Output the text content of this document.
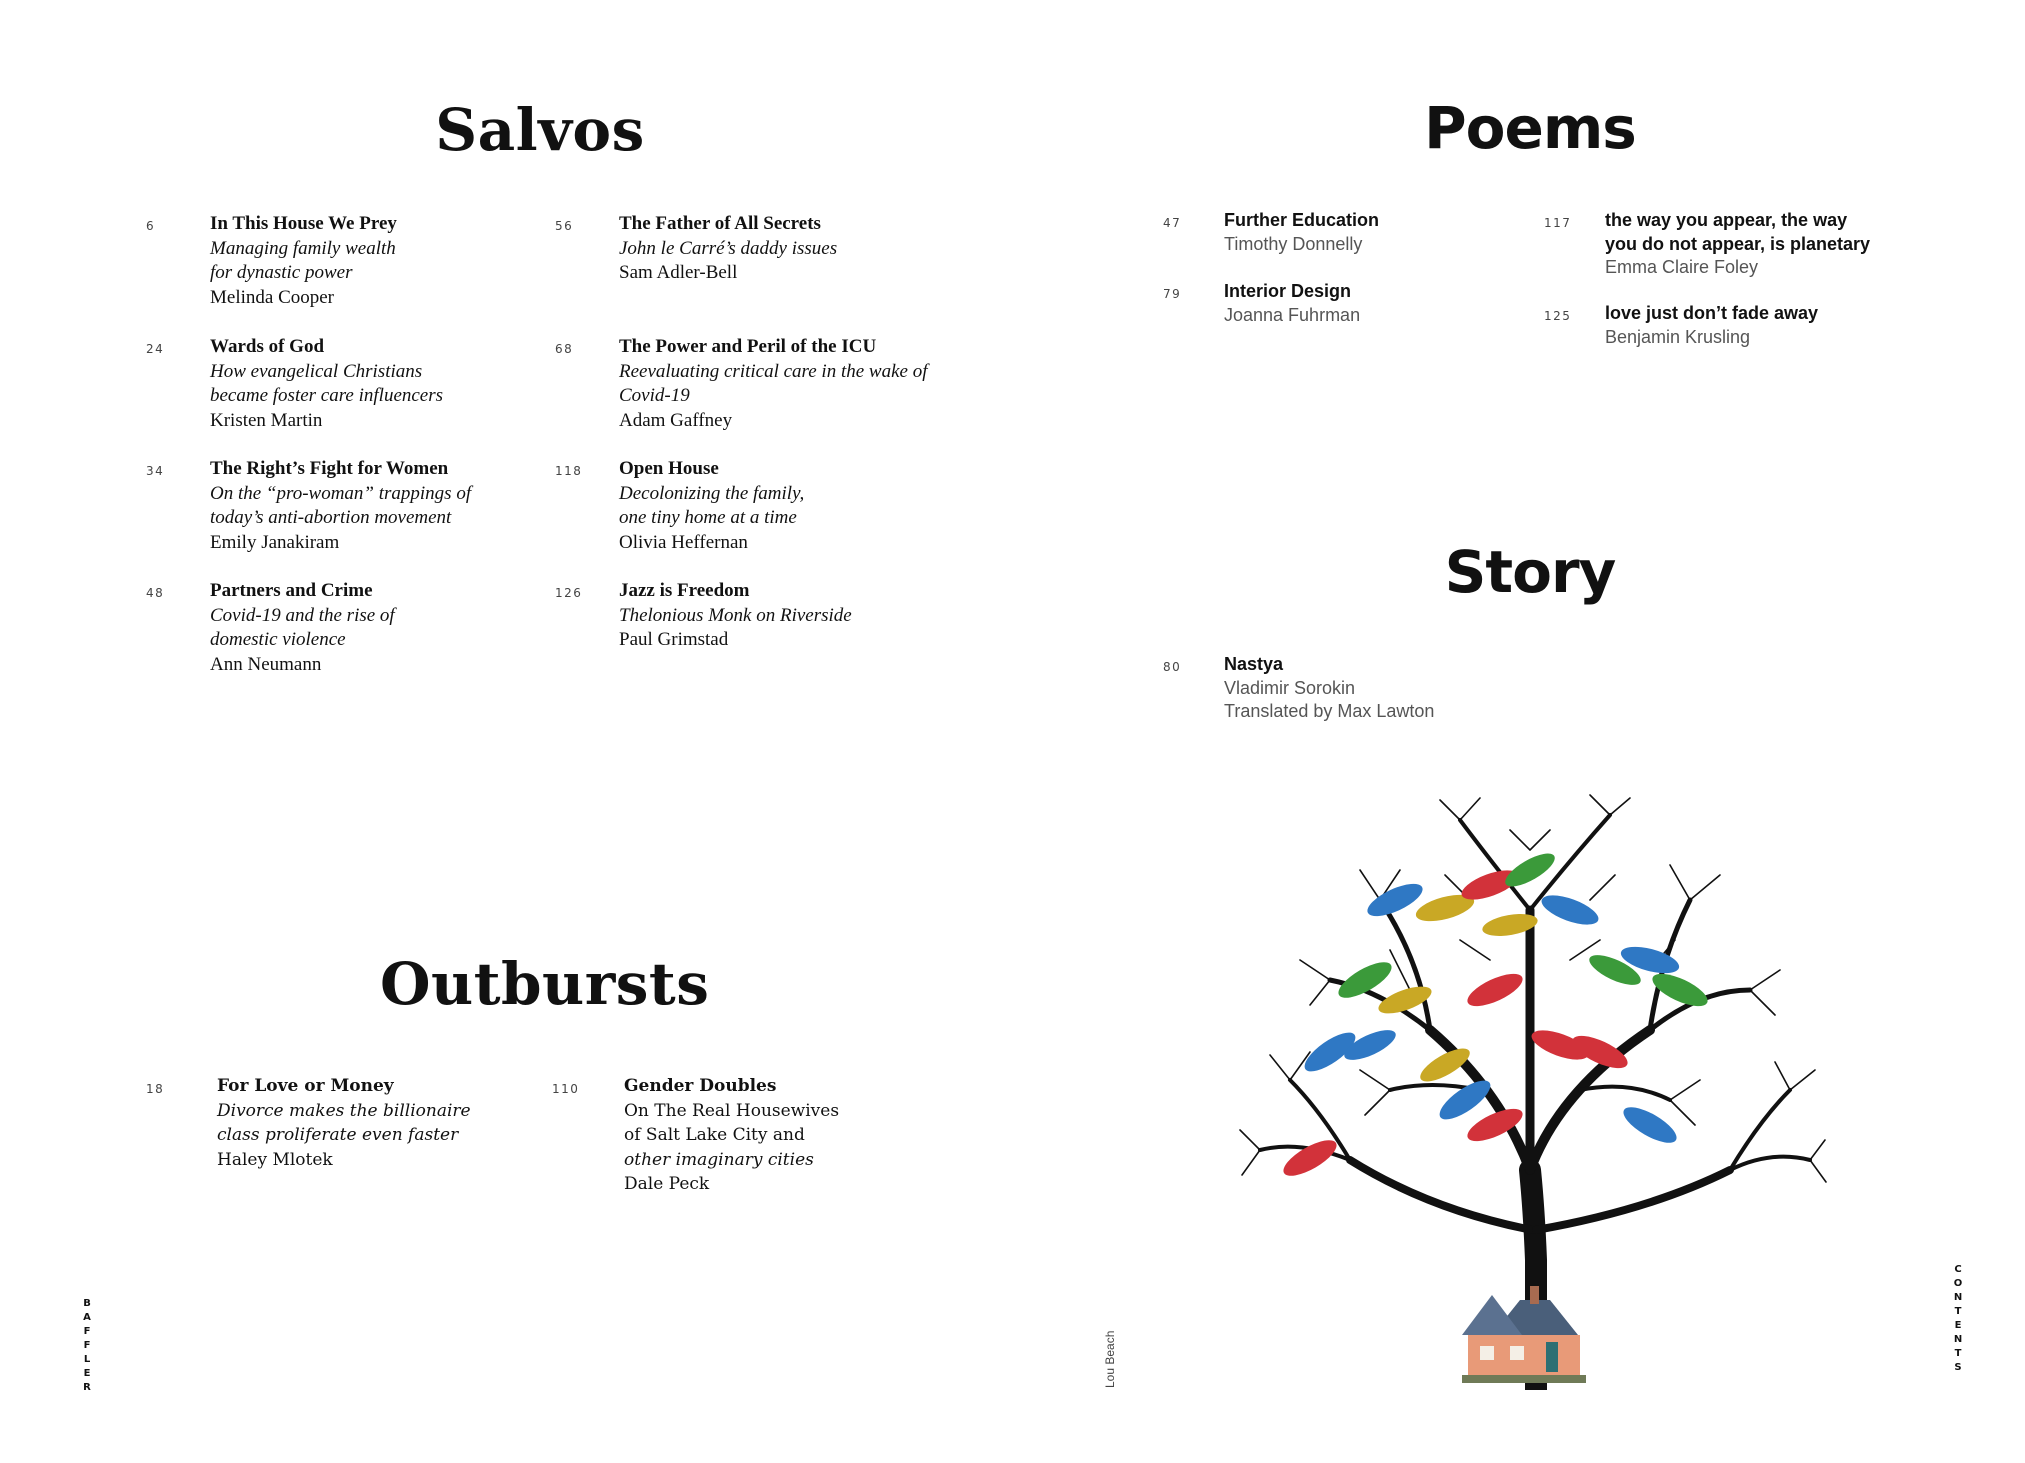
Salvos
6	In This House We Prey
Managing family wealth
for dynastic power
Melinda Cooper
24 Wards of God
How evangelical Christians
became foster care influencers
Kristen Martin
34 The Right’s Fight for Women
On the “pro-woman” trappings of
today’s anti-abortion movement
Emily Janakiram
48 Partners and Crime
Covid-19 and the rise of
domestic violence
Ann Neumann
56 The Father of All Secrets
John le Carré’s daddy issues
Sam Adler-Bell
68 The Power and Peril of the ICU
Reevaluating critical care in the wake of
Covid-19
Adam Gaffney
118 Open House
Decolonizing the family,
one tiny home at a time
Olivia Heffernan
126 Jazz is Freedom
Thelonious Monk on Riverside
Paul Grimstad
Outbursts
18	For Love or Money
Divorce makes the billionaire
class proliferate even faster
Haley Mlotek
110	Gender Doubles
On The Real Housewives
of Salt Lake City and
other imaginary cities
Dale Peck
Poems
47 Further Education
Timothy Donnelly
79 Interior Design
Joanna Fuhrman
117 the way you appear, the way
you do not appear, is planetary
Emma Claire Foley
125 love just don’t fade away
Benjamin Krusling
Story
80 Nastya
Vladimir Sorokin
Translated by Max Lawton
BAFFLER
CONTENTS
Lou Beach
